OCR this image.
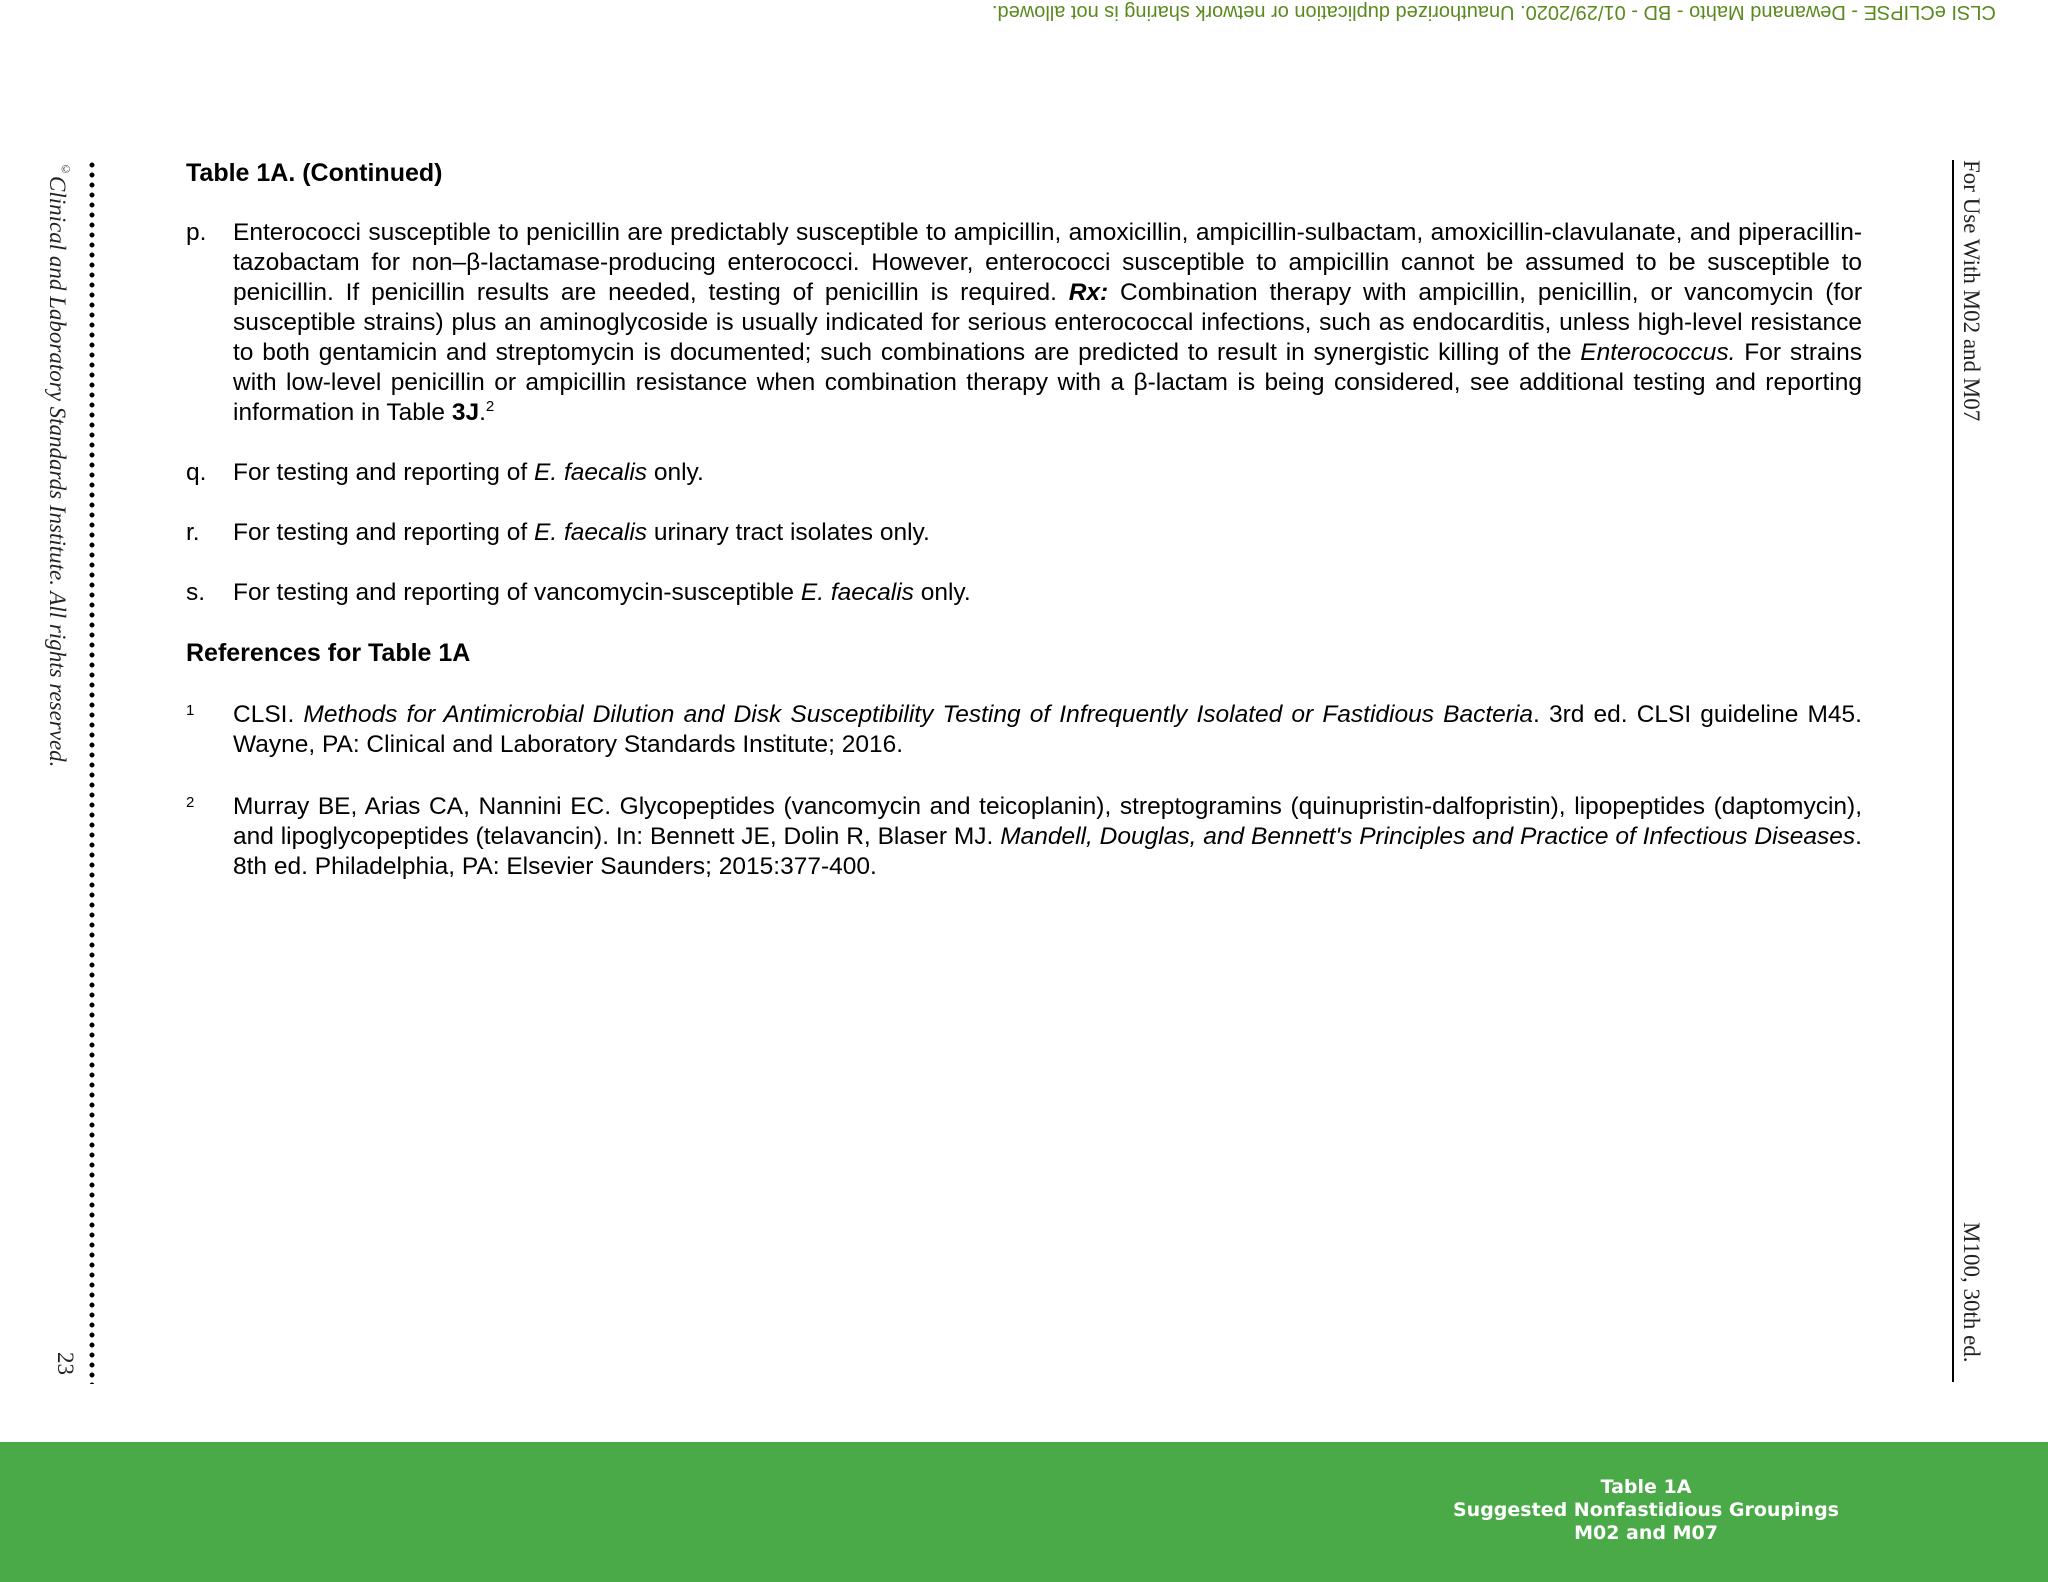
CLSI eCLIPSE - Dewanand Mahto - BD - 01/29/2020. Unauthorized duplication or network sharing is not allowed.
©Clinical and Laboratory Standards Institute. All rights reserved.
23
For Use With M02 and M07
M100, 30th ed.
Table 1A. (Continued)
p.	Enterococci susceptible to penicillin are predictably susceptible to ampicillin, amoxicillin, ampicillin-sulbactam, amoxicillin-clavulanate, and piperacillin-tazobactam for non–β-lactamase-producing enterococci. However, enterococci susceptible to ampicillin cannot be assumed to be susceptible to penicillin. If penicillin results are needed, testing of penicillin is required. Rx: Combination therapy with ampicillin, penicillin, or vancomycin (for susceptible strains) plus an aminoglycoside is usually indicated for serious enterococcal infections, such as endocarditis, unless high-level resistance to both gentamicin and streptomycin is documented; such combinations are predicted to result in synergistic killing of the Enterococcus. For strains with low-level penicillin or ampicillin resistance when combination therapy with a β-lactam is being considered, see additional testing and reporting information in Table 3J.$^2$
q.	For testing and reporting of E. faecalis only.
r.	For testing and reporting of E. faecalis urinary tract isolates only.
s.	For testing and reporting of vancomycin-susceptible E. faecalis only.
References for Table 1A
1	CLSI. Methods for Antimicrobial Dilution and Disk Susceptibility Testing of Infrequently Isolated or Fastidious Bacteria. 3rd ed. CLSI guideline M45. Wayne, PA: Clinical and Laboratory Standards Institute; 2016.
2	Murray BE, Arias CA, Nannini EC. Glycopeptides (vancomycin and teicoplanin), streptogramins (quinupristin-dalfopristin), lipopeptides (daptomycin), and lipoglycopeptides (telavancin). In: Bennett JE, Dolin R, Blaser MJ. Mandell, Douglas, and Bennett's Principles and Practice of Infectious Diseases. 8th ed. Philadelphia, PA: Elsevier Saunders; 2015:377-400.
Table 1A
Suggested Nonfastidious Groupings
M02 and M07
